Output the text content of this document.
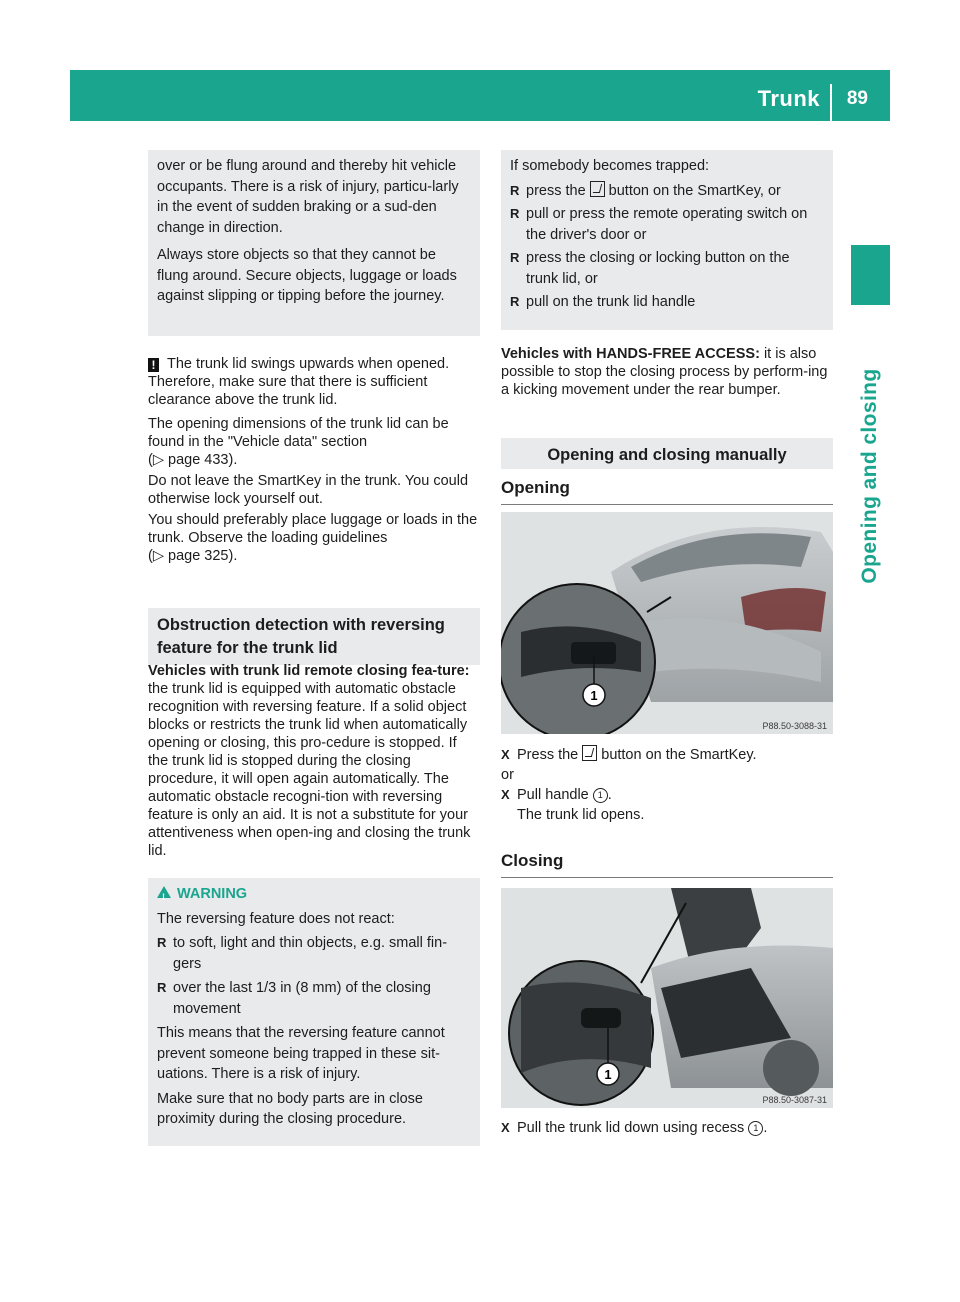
Trunk 89
Opening and closing

over or be flung around and thereby hit vehicle occupants. There is a risk of injury, particu-larly in the event of sudden braking or a sud-den change in direction.

Always store objects so that they cannot be flung around. Secure objects, luggage or loads against slipping or tipping before the journey.

! The trunk lid swings upwards when opened. Therefore, make sure that there is sufficient clearance above the trunk lid.

The opening dimensions of the trunk lid can be found in the "Vehicle data" section

(▷ page 433).

Do not leave the SmartKey in the trunk. You could otherwise lock yourself out.

You should preferably place luggage or loads in the trunk. Observe the loading guidelines

(▷ page 325).

Obstruction detection with reversing feature for the trunk lid
Vehicles with trunk lid remote closing fea-ture: the trunk lid is equipped with automatic obstacle recognition with reversing feature. If a solid object blocks or restricts the trunk lid when automatically opening or closing, this pro-cedure is stopped. If the trunk lid is stopped during the closing procedure, it will open again automatically. The automatic obstacle recogni-tion with reversing feature is only an aid. It is not a substitute for your attentiveness when open-ing and closing the trunk lid.
!WARNING

The reversing feature does not react:

R to soft, light and thin objects, e.g. small fin-gers

R over the last 1/3 in (8 mm) of the closing movement

This means that the reversing feature cannot prevent someone being trapped in these sit-uations. There is a risk of injury.

Make sure that no body parts are in close proximity during the closing procedure.

If somebody becomes trapped:

R press the button on the SmartKey, or

R pull or press the remote operating switch on the driver's door or

R press the closing or locking button on the trunk lid, or

R pull on the trunk lid handle

Vehicles with HANDS-FREE ACCESS: it is also possible to stop the closing process by perform-ing a kicking movement under the rear bumper.
Opening and closing manually
Opening
1
P88.50-3088-31

X Press the button on the SmartKey.

or

X Pull handle 1 .

The trunk lid opens.

Closing
1
P88.50-3087-31

X Pull the trunk lid down using recess 1 .
